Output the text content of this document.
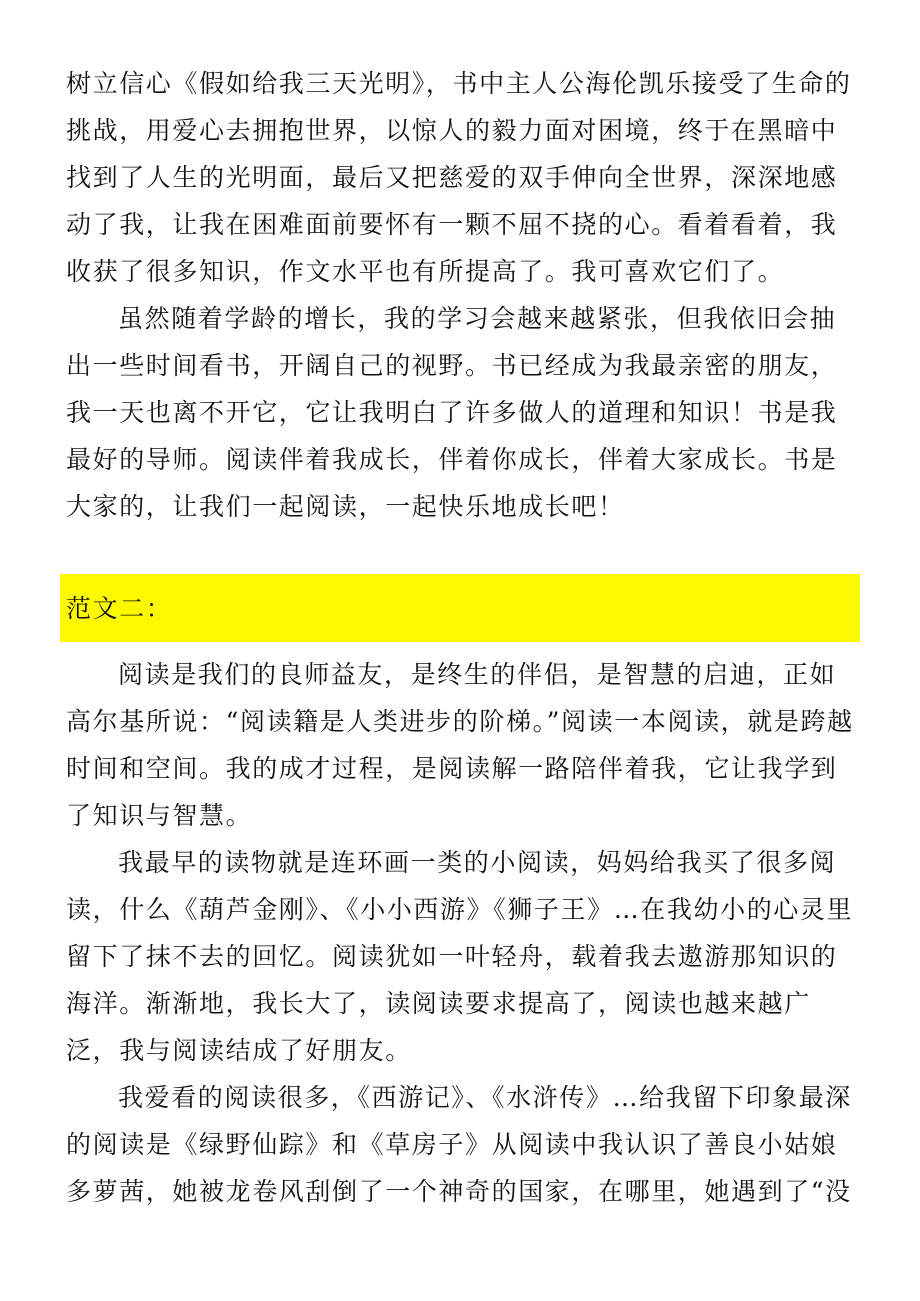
树立信心《假如给我三天光明》，书中主人公海伦凯乐接受了生命的挑战，用爱心去拥抱世界，以惊人的毅力面对困境，终于在黑暗中找到了人生的光明面，最后又把慈爱的双手伸向全世界，深深地感动了我，让我在困难面前要怀有一颗不屈不挠的心。看着看着，我收获了很多知识，作文水平也有所提高了。我可喜欢它们了。

虽然随着学龄的增长，我的学习会越来越紧张，但我依旧会抽出一些时间看书，开阔自己的视野。书已经成为我最亲密的朋友，我一天也离不开它，它让我明白了许多做人的道理和知识！书是我最好的导师。阅读伴着我成长，伴着你成长，伴着大家成长。书是大家的，让我们一起阅读，一起快乐地成长吧！

范文二：

阅读是我们的良师益友，是终生的伴侣，是智慧的启迪，正如高尔基所说：“阅读籍是人类进步的阶梯。”阅读一本阅读，就是跨越时间和空间。我的成才过程，是阅读解一路陪伴着我，它让我学到了知识与智慧。

我最早的读物就是连环画一类的小阅读，妈妈给我买了很多阅读，什么《葫芦金刚》、《小小西游》《狮子王》…在我幼小的心灵里留下了抹不去的回忆。阅读犹如一叶轻舟，载着我去遨游那知识的海洋。渐渐地，我长大了，读阅读要求提高了，阅读也越来越广泛，我与阅读结成了好朋友。

我爱看的阅读很多，《西游记》、《水浒传》…给我留下印象最深的阅读是《绿野仙踪》和《草房子》从阅读中我认识了善良小姑娘多萝茜，她被龙卷风刮倒了一个神奇的国家，在哪里，她遇到了“没
